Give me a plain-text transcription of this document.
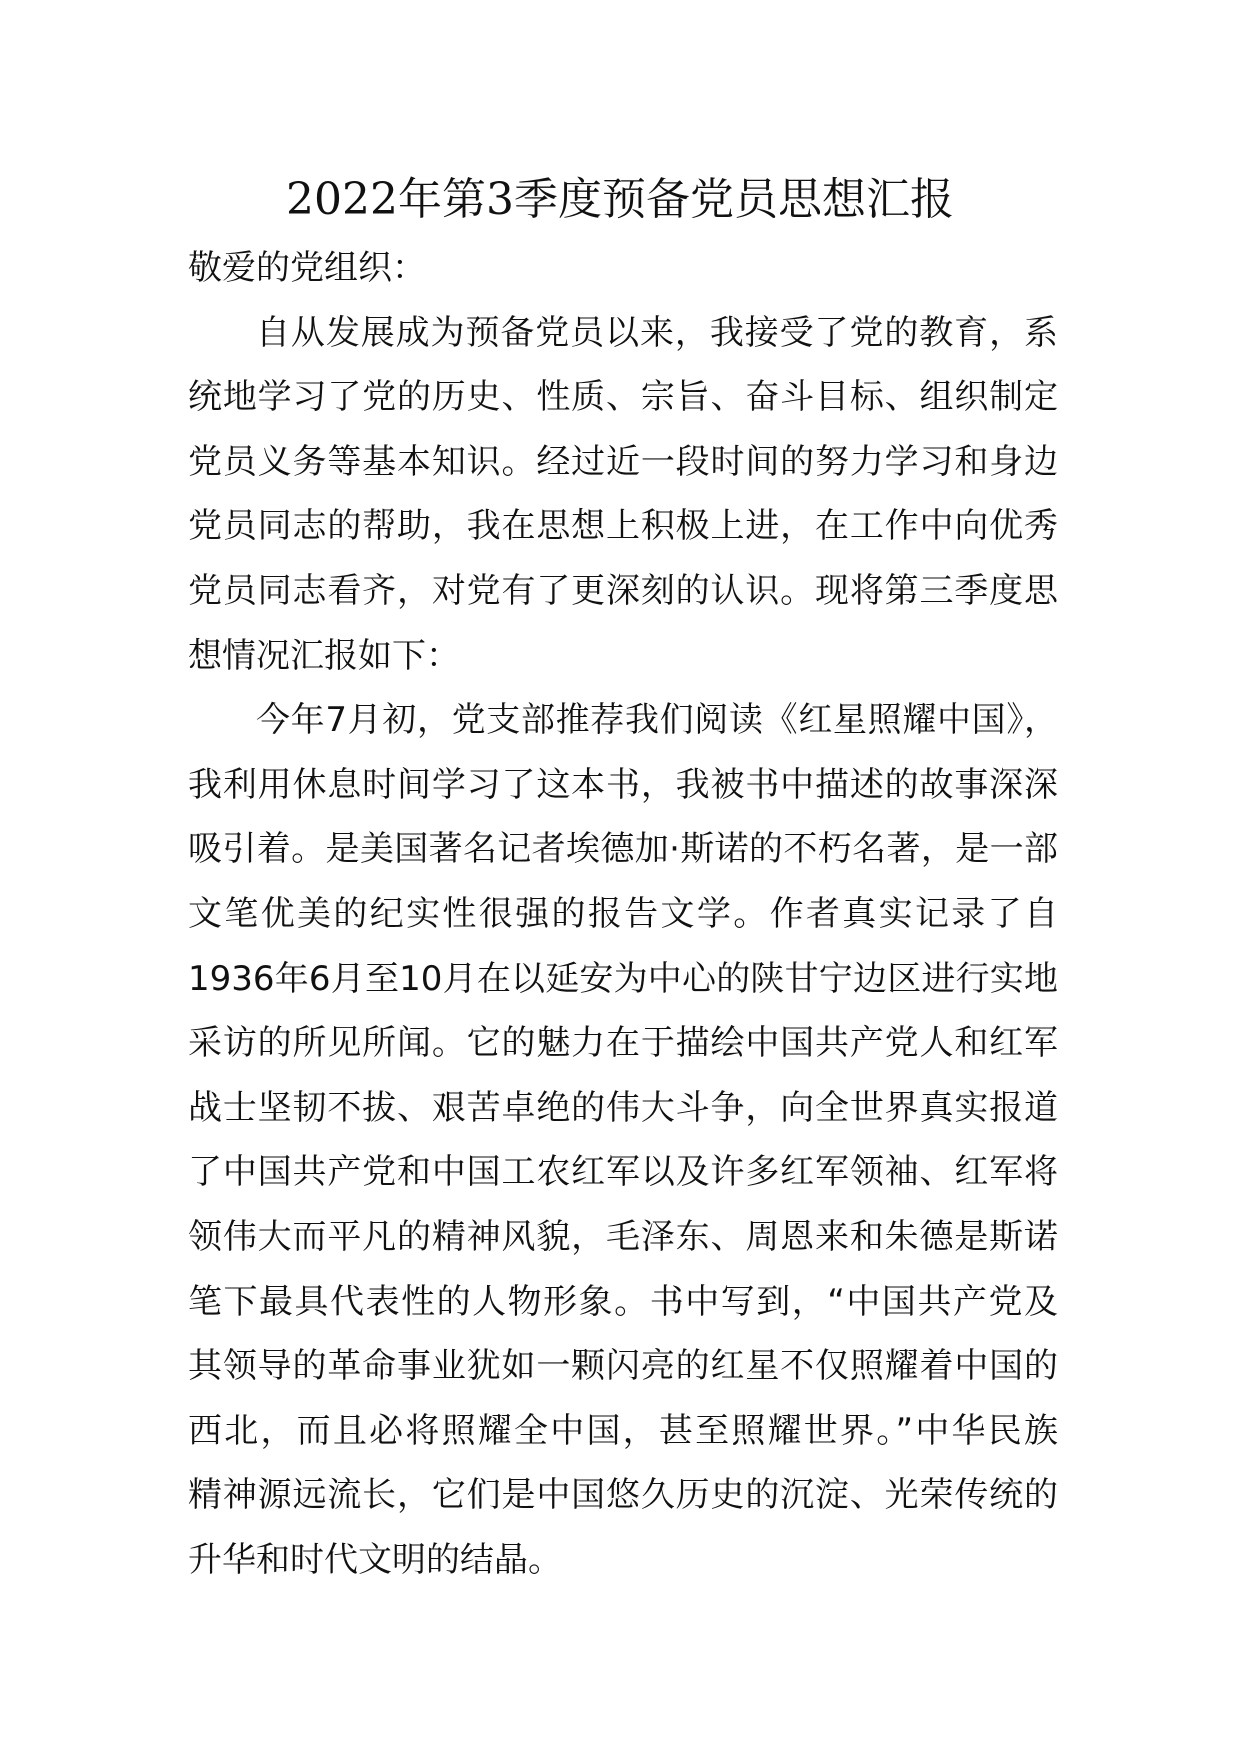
2022年第3季度预备党员思想汇报
敬爱的党组织：
自从发展成为预备党员以来，我接受了党的教育，系
统地学习了党的历史、性质、宗旨、奋斗目标、组织制定
党员义务等基本知识。经过近一段时间的努力学习和身边
党员同志的帮助，我在思想上积极上进，在工作中向优秀
党员同志看齐，对党有了更深刻的认识。现将第三季度思
想情况汇报如下：
今年7月初，党支部推荐我们阅读《红星照耀中国》，
我利用休息时间学习了这本书，我被书中描述的故事深深
吸引着。是美国著名记者埃德加·斯诺的不朽名著，是一部
文笔优美的纪实性很强的报告文学。作者真实记录了自
1936年6月至10月在以延安为中心的陕甘宁边区进行实地
采访的所见所闻。它的魅力在于描绘中国共产党人和红军
战士坚韧不拔、艰苦卓绝的伟大斗争，向全世界真实报道
了中国共产党和中国工农红军以及许多红军领袖、红军将
领伟大而平凡的精神风貌，毛泽东、周恩来和朱德是斯诺
笔下最具代表性的人物形象。书中写到，“中国共产党及
其领导的革命事业犹如一颗闪亮的红星不仅照耀着中国的
西北，而且必将照耀全中国，甚至照耀世界。”中华民族
精神源远流长，它们是中国悠久历史的沉淀、光荣传统的
升华和时代文明的结晶。
